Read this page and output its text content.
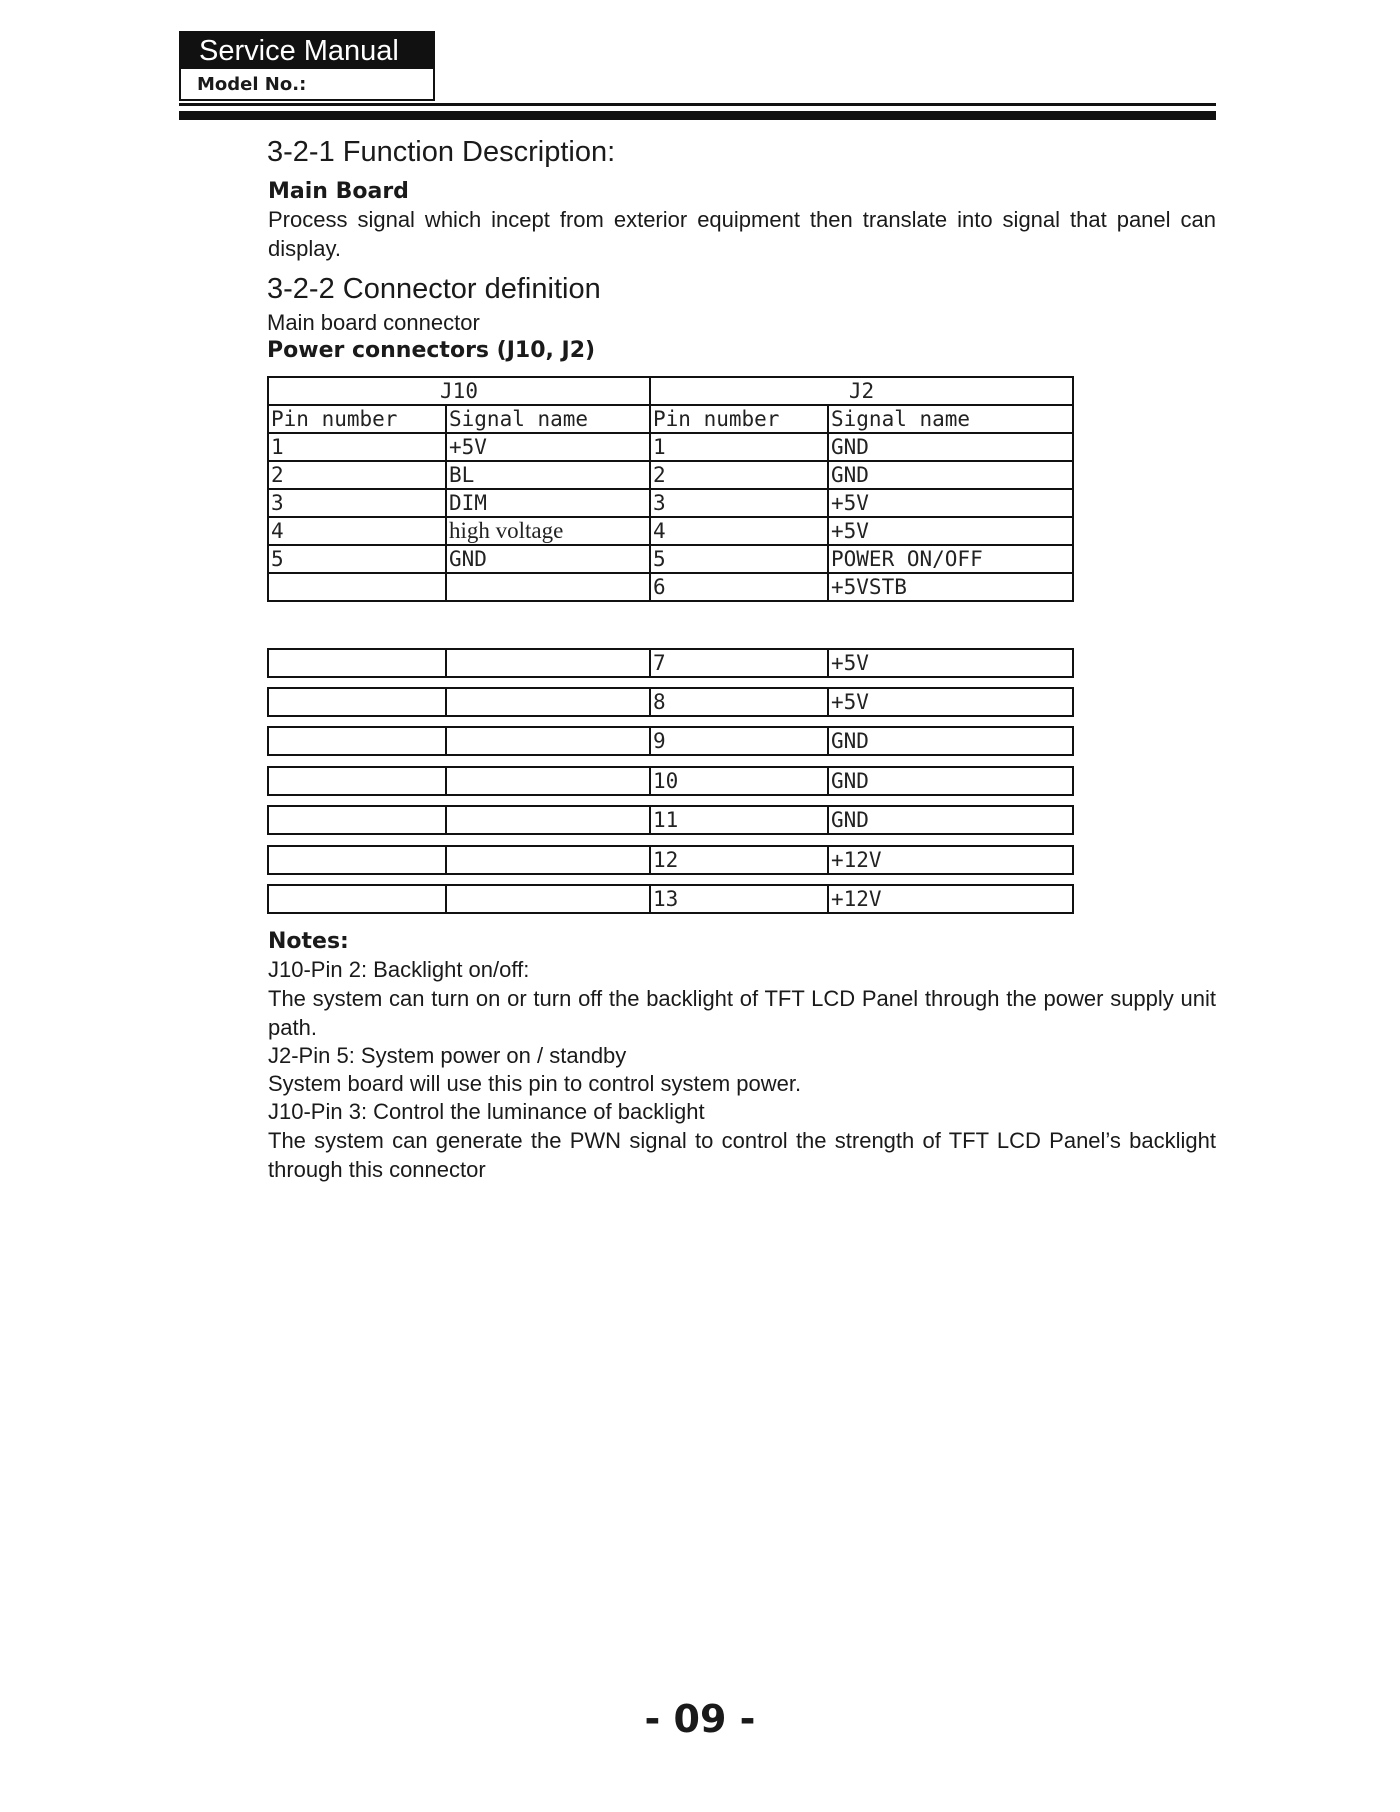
Service Manual
Model No.:
3-2-1 Function Description:
Main Board
Process signal which incept from exterior equipment then translate into signal that panel can display.
3-2-2 Connector definition
Main board connector
Power connectors (J10, J2)
J10		J2	
Pin number	Signal name	Pin number	Signal name
1	+5V	1	GND
2	BL	2	GND
3	DIM	3	+5V
4	high voltage	4	+5V
5	GND	5	POWER ON/OFF
		6	+5VSTB
		7	+5V
		8	+5V
		9	GND
		10	GND
		11	GND
		12	+12V
		13	+12V
Notes:
J10-Pin 2: Backlight on/off:
The system can turn on or turn off the backlight of TFT LCD Panel through the power supply unit path.
J2-Pin 5: System power on / standby
System board will use this pin to control system power.
J10-Pin 3: Control the luminance of backlight
The system can generate the PWN signal to control the strength of TFT LCD Panel’s backlight through this connector
- 09 -
